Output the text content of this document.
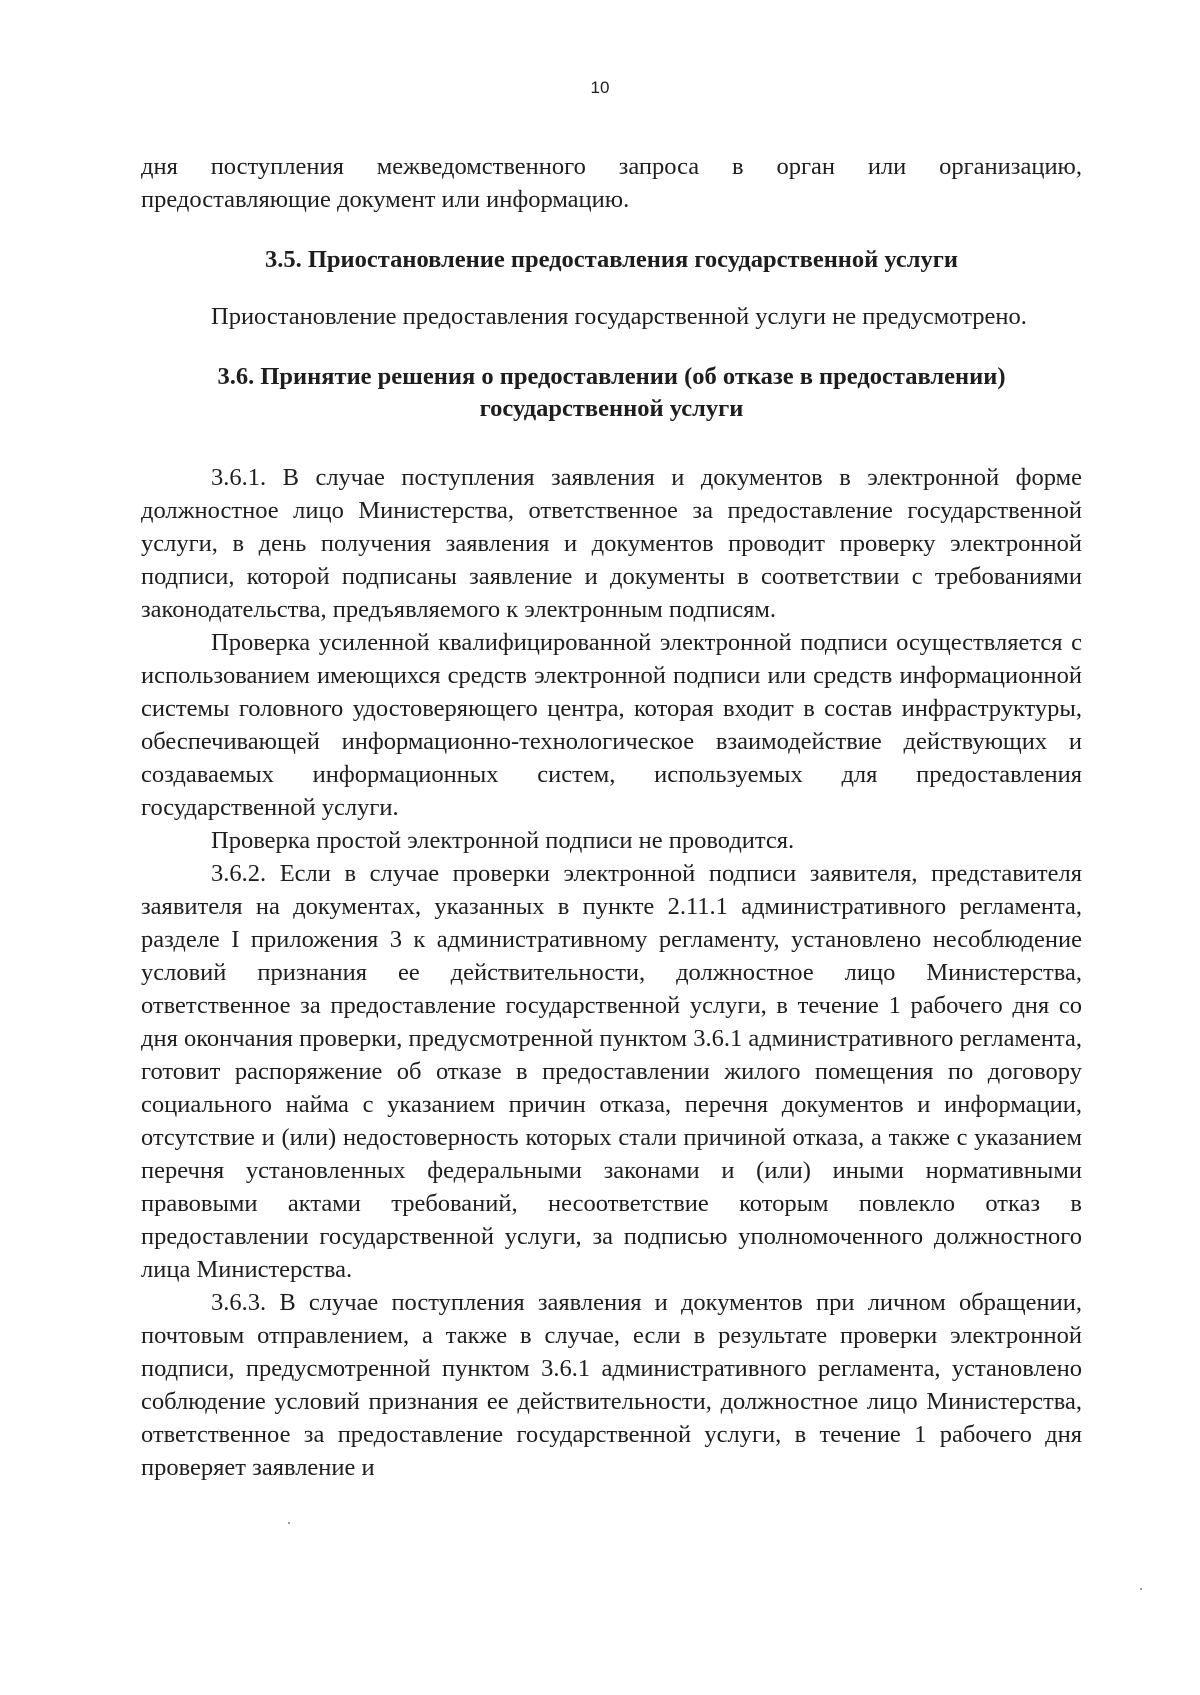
10

дня поступления межведомственного запроса в орган или организацию, предоставляющие документ или информацию.

3.5. Приостановление предоставления государственной услуги

Приостановление предоставления государственной услуги не предусмотрено.

3.6. Принятие решения о предоставлении (об отказе в предоставлении)
государственной услуги

3.6.1. В случае поступления заявления и документов в электронной форме должностное лицо Министерства, ответственное за предоставление государственной услуги, в день получения заявления и документов проводит проверку электронной подписи, которой подписаны заявление и документы в соответствии с требованиями законодательства, предъявляемого к электронным подписям.

Проверка усиленной квалифицированной электронной подписи осуществляется с использованием имеющихся средств электронной подписи или средств информационной системы головного удостоверяющего центра, которая входит в состав инфраструктуры, обеспечивающей информационно-технологическое взаимодействие действующих и создаваемых информационных систем, используемых для предоставления государственной услуги.

Проверка простой электронной подписи не проводится.

3.6.2. Если в случае проверки электронной подписи заявителя, представителя заявителя на документах, указанных в пункте 2.11.1 административного регламента, разделе I приложения 3 к административному регламенту, установлено несоблюдение условий признания ее действительности, должностное лицо Министерства, ответственное за предоставление государственной услуги, в течение 1 рабочего дня со дня окончания проверки, предусмотренной пунктом 3.6.1 административного регламента, готовит распоряжение об отказе в предоставлении жилого помещения по договору социального найма с указанием причин отказа, перечня документов и информации, отсутствие и (или) недостоверность которых стали причиной отказа, а также с указанием перечня установленных федеральными законами и (или) иными нормативными правовыми актами требований, несоответствие которым повлекло отказ в предоставлении государственной услуги, за подписью уполномоченного должностного лица Министерства.

3.6.3. В случае поступления заявления и документов при личном обращении, почтовым отправлением, а также в случае, если в результате проверки электронной подписи, предусмотренной пунктом 3.6.1 административного регламента, установлено соблюдение условий признания ее действительности, должностное лицо Министерства, ответственное за предоставление государственной услуги, в течение 1 рабочего дня проверяет заявление и
